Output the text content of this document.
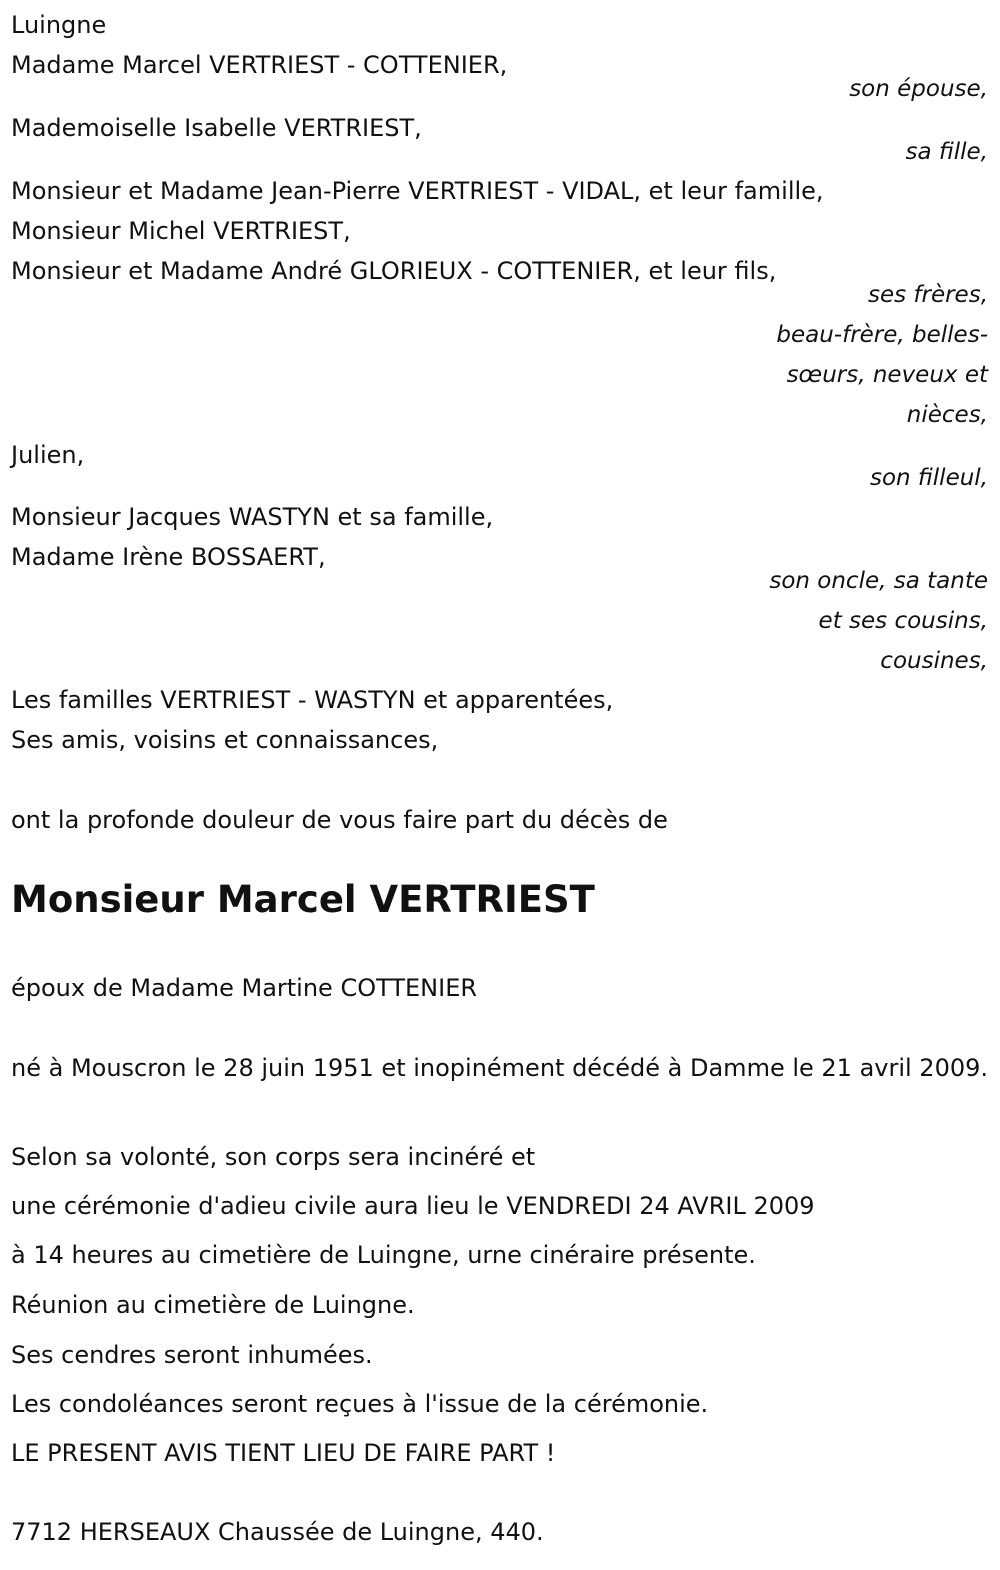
Luingne

Madame Marcel VERTRIEST - COTTENIER,

son épouse,

Mademoiselle Isabelle VERTRIEST,

sa fille,

Monsieur et Madame Jean-Pierre VERTRIEST - VIDAL, et leur famille,

Monsieur Michel VERTRIEST,

Monsieur et Madame André GLORIEUX - COTTENIER, et leur fils,

ses frères,

beau-frère, belles-

sœurs, neveux et

nièces,

Julien,

son filleul,

Monsieur Jacques WASTYN et sa famille,

Madame Irène BOSSAERT,

son oncle, sa tante

et ses cousins,

cousines,

Les familles VERTRIEST - WASTYN et apparentées,

Ses amis, voisins et connaissances,

ont la profonde douleur de vous faire part du décès de

Monsieur Marcel VERTRIEST

époux de Madame Martine COTTENIER

né à Mouscron le 28 juin 1951 et inopinément décédé à Damme le 21 avril 2009.

Selon sa volonté, son corps sera incinéré et

une cérémonie d'adieu civile aura lieu le VENDREDI 24 AVRIL 2009

à 14 heures au cimetière de Luingne, urne cinéraire présente.

Réunion au cimetière de Luingne.

Ses cendres seront inhumées.

Les condoléances seront reçues à l'issue de la cérémonie.

LE PRESENT AVIS TIENT LIEU DE FAIRE PART !

7712 HERSEAUX Chaussée de Luingne, 440.
